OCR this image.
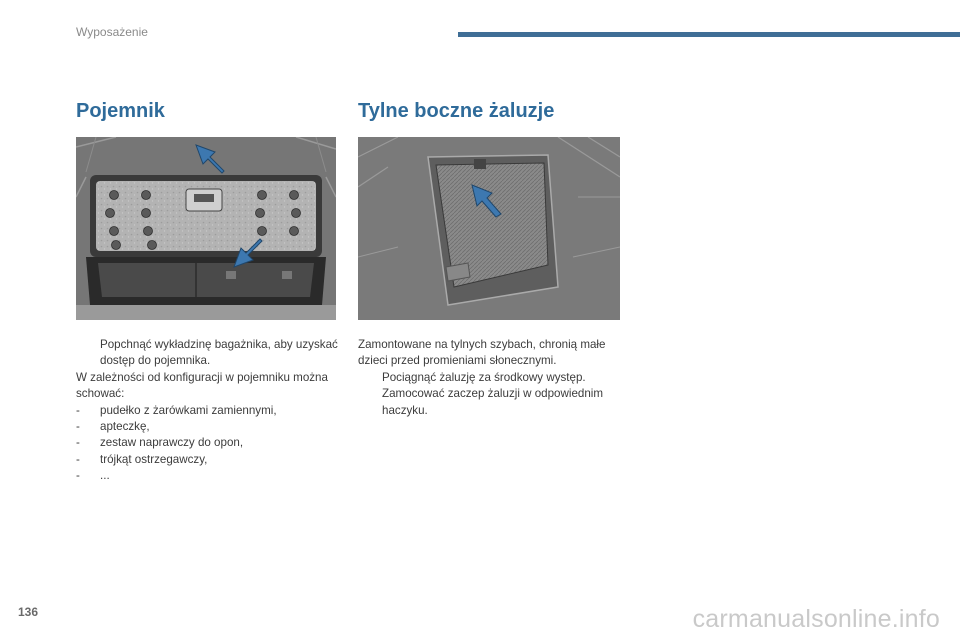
Wyposażenie
Pojemnik	Tylne boczne żaluzje
Popchnąć wykładzinę bagażnika, aby uzyskać dostęp do pojemnika.

W zależności od konfiguracji w pojemniku można schować:

- pudełko z żarówkami zamiennymi,
- apteczkę,
- zestaw naprawczy do opon,
- trójkąt ostrzegawczy,
- ...

Zamontowane na tylnych szybach, chronią małe dzieci przed promieniami słonecznymi.

Pociągnąć żaluzję za środkowy występ.
Zamocować zaczep żaluzji w odpowiednim haczyku.
136	carmanualsonline.info
